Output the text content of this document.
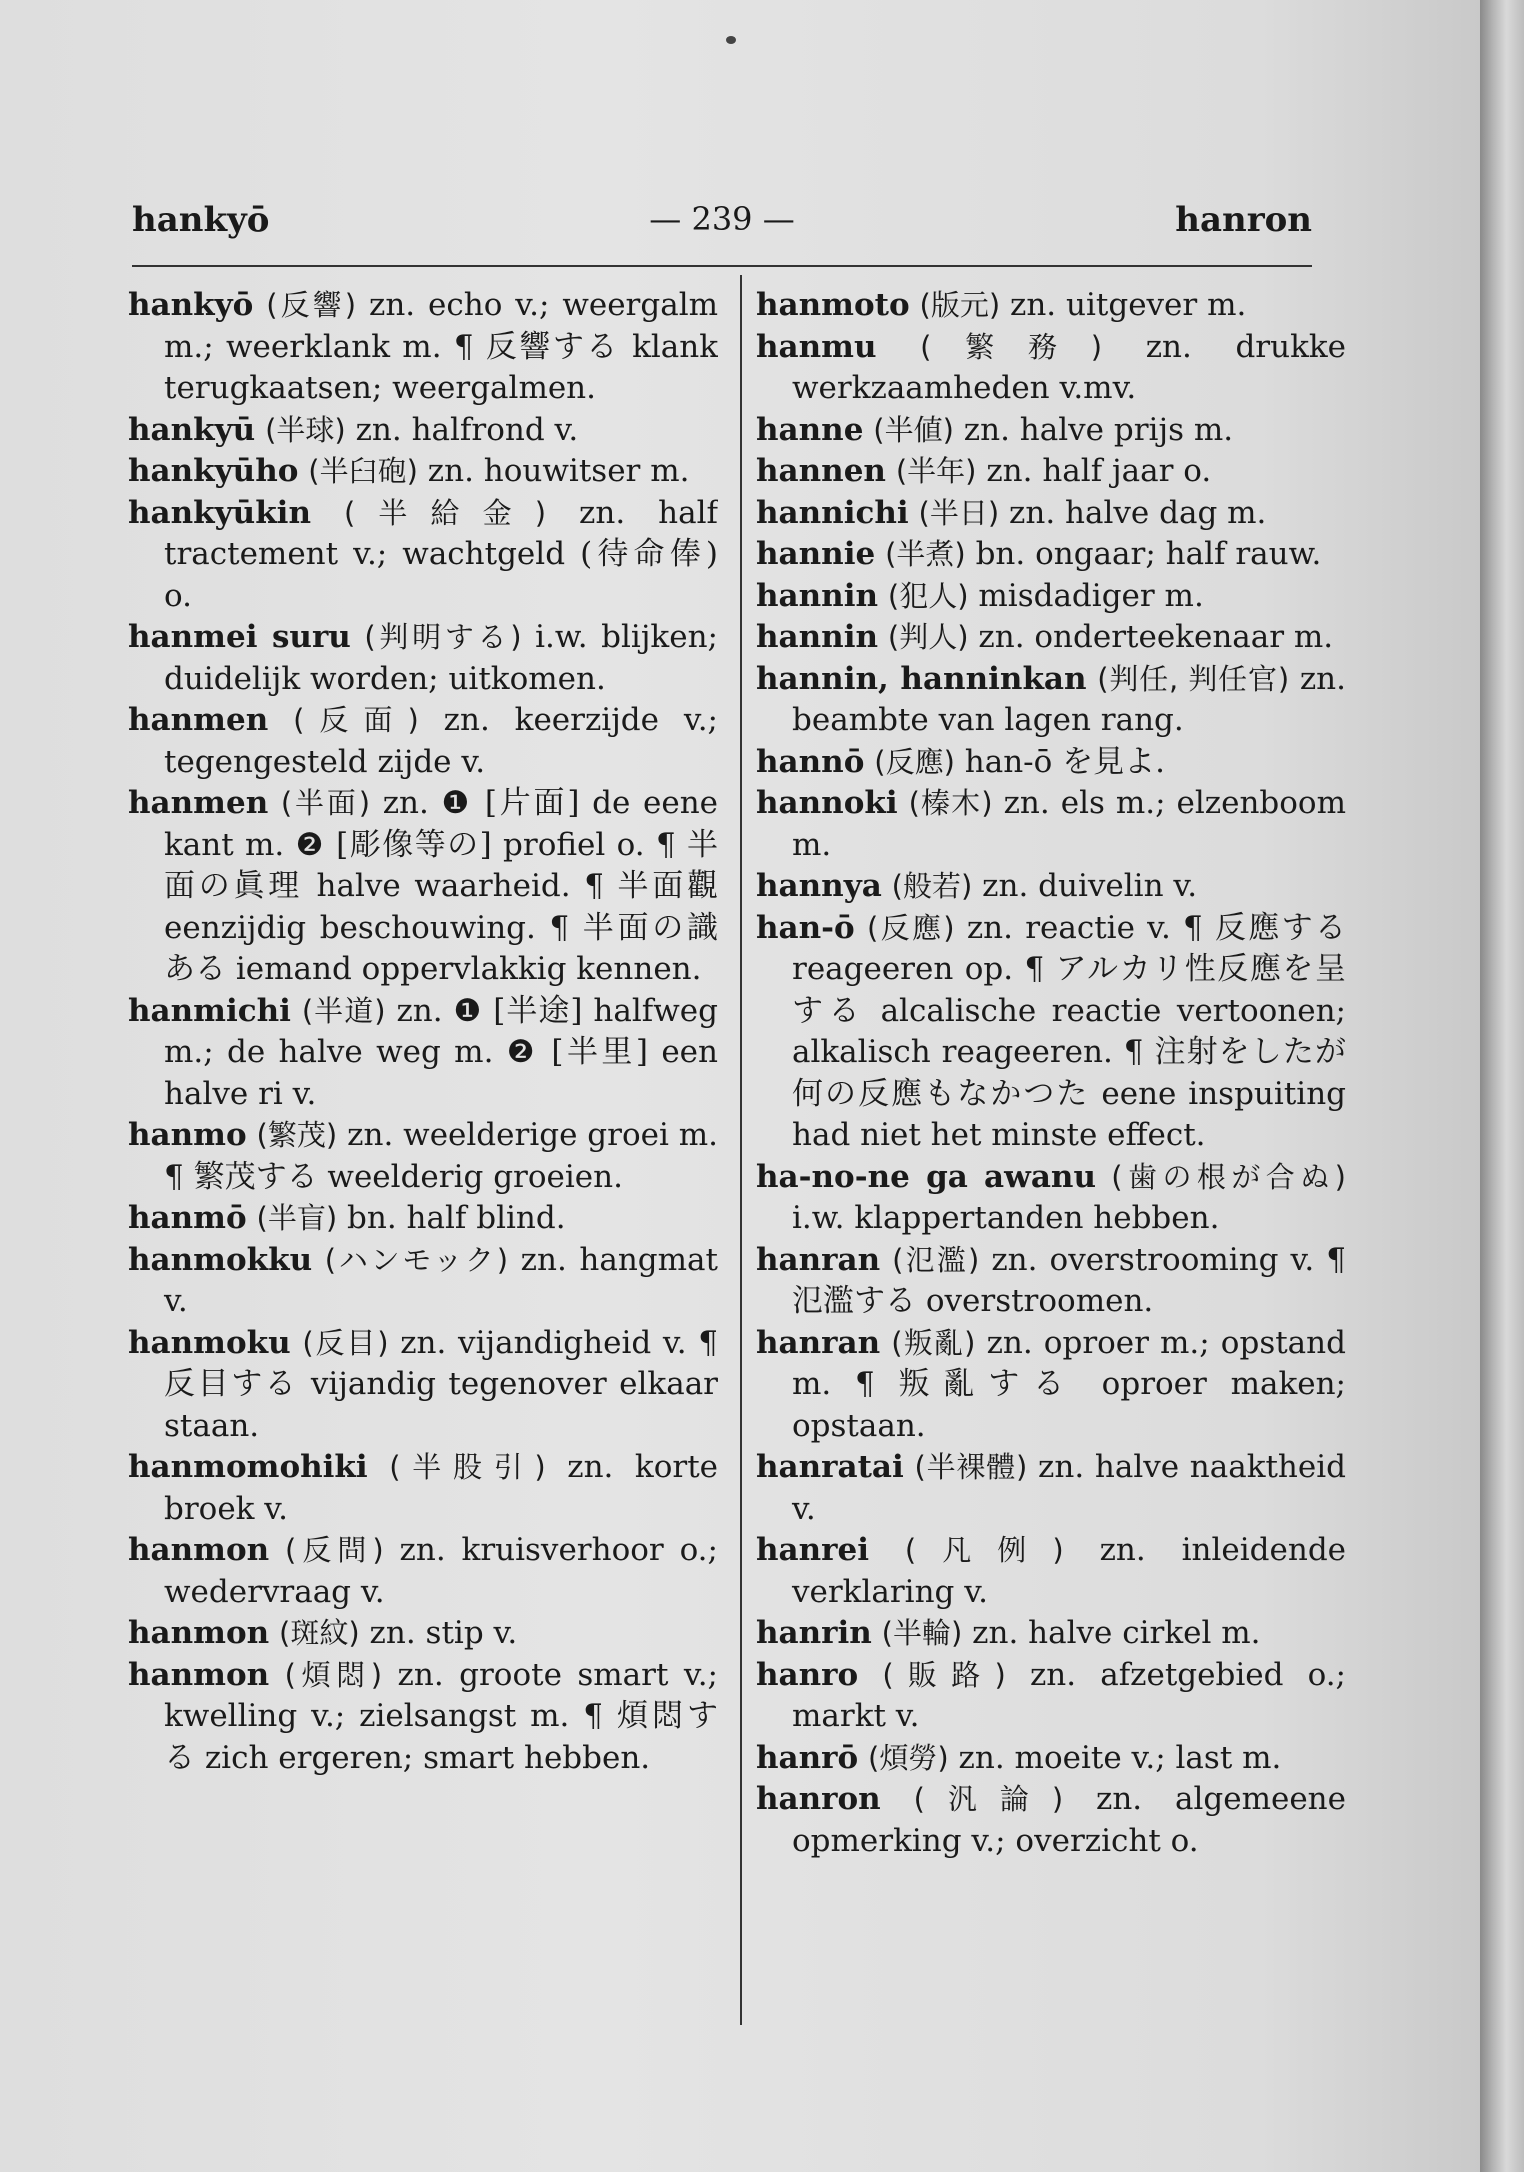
hankyō	— 239 —	hanron
hankyō (反響) zn. echo v.; weergalm m.; weerklank m. ¶ 反響する klank terugkaatsen; weergalmen.
hankyū (半球) zn. halfrond v.
hankyūho (半臼砲) zn. houwitser m.
hankyūkin (半給金) zn. half tractement v.; wachtgeld (待命俸) o.
hanmei suru (判明する) i.w. blijken; duidelijk worden; uitkomen.
hanmen (反面) zn. keerzijde v.; tegengesteld zijde v.
hanmen (半面) zn. ❶ [片面] de eene kant m. ❷ [彫像等の] profiel o. ¶ 半面の眞理 halve waarheid. ¶ 半面觀 eenzijdig beschouwing. ¶ 半面の識ある iemand oppervlakkig kennen.
hanmichi (半道) zn. ❶ [半途] halfweg m.; de halve weg m. ❷ [半里] een halve ri v.
hanmo (繁茂) zn. weelderige groei m. ¶ 繁茂する weelderig groeien.
hanmō (半盲) bn. half blind.
hanmokku (ハンモック) zn. hangmat v.
hanmoku (反目) zn. vijandigheid v. ¶ 反目する vijandig tegenover elkaar staan.
hanmomohiki (半股引) zn. korte broek v.
hanmon (反問) zn. kruisverhoor o.; wedervraag v.
hanmon (斑紋) zn. stip v.
hanmon (煩悶) zn. groote smart v.; kwelling v.; zielsangst m. ¶ 煩悶する zich ergeren; smart hebben.
hanmoto (版元) zn. uitgever m.
hanmu (繁務) zn. drukke werkzaamheden v.mv.
hanne (半値) zn. halve prijs m.
hannen (半年) zn. half jaar o.
hannichi (半日) zn. halve dag m.
hannie (半煮) bn. ongaar; half rauw.
hannin (犯人) misdadiger m.
hannin (判人) zn. onderteekenaar m.
hannin, hanninkan (判任, 判任官) zn. beambte van lagen rang.
hannō (反應) han-ō を見よ.
hannoki (榛木) zn. els m.; elzenboom m.
hannya (般若) zn. duivelin v.
han-ō (反應) zn. reactie v. ¶ 反應する reageeren op. ¶ アルカリ性反應を呈する alcalische reactie vertoonen; alkalisch reageeren. ¶ 注射をしたが何の反應もなかつた eene inspuiting had niet het minste effect.
ha-no-ne ga awanu (歯の根が合ぬ) i.w. klappertanden hebben.
hanran (氾濫) zn. overstrooming v. ¶ 氾濫する overstroomen.
hanran (叛亂) zn. oproer m.; opstand m. ¶ 叛亂する oproer maken; opstaan.
hanratai (半裸體) zn. halve naaktheid v.
hanrei (凡例) zn. inleidende verklaring v.
hanrin (半輪) zn. halve cirkel m.
hanro (販路) zn. afzetgebied o.; markt v.
hanrō (煩勞) zn. moeite v.; last m.
hanron (汎論) zn. algemeene opmerking v.; overzicht o.
